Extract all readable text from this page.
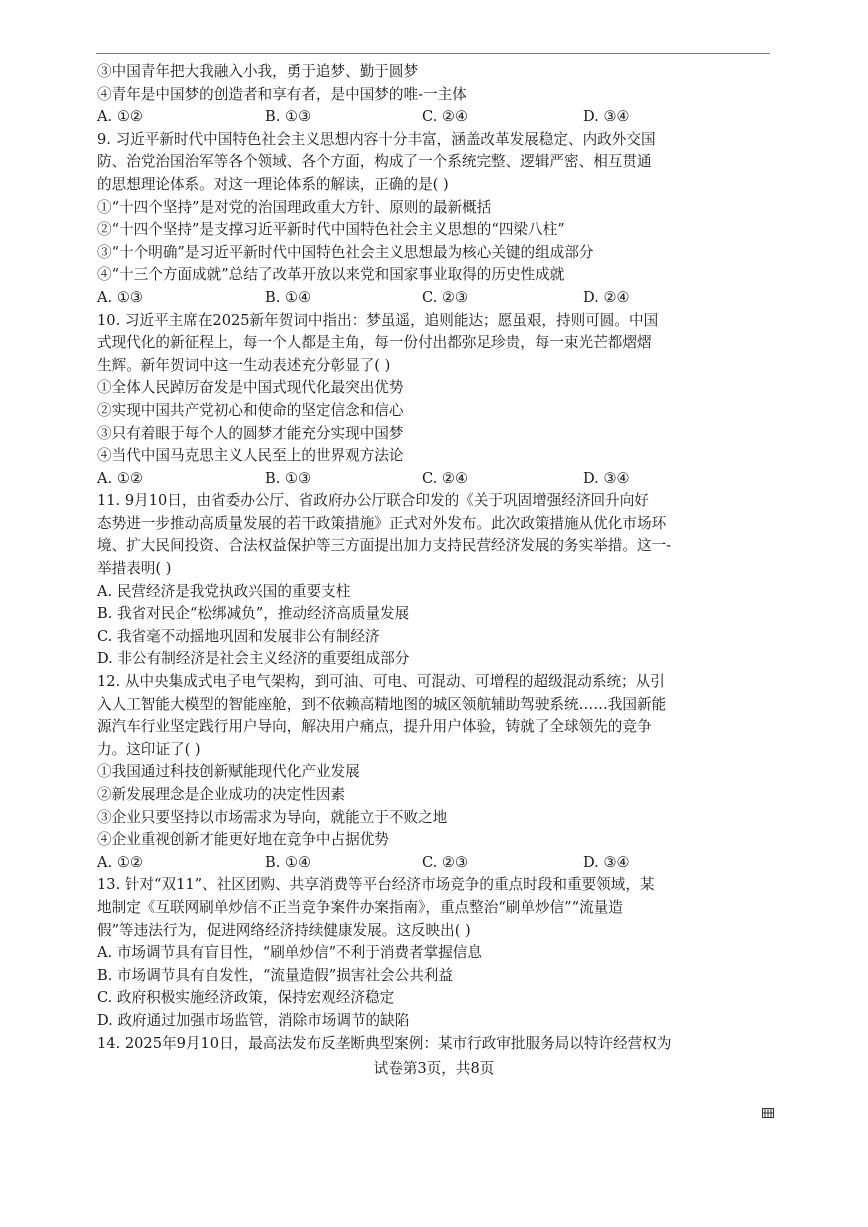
③中国青年把大我融入小我，勇于追梦、勤于圆梦
④青年是中国梦的创造者和享有者，是中国梦的唯-一主体
A. ①②	B. ①③	C. ②④	D. ③④
9. 习近平新时代中国特色社会主义思想内容十分丰富，涵盖改革发展稳定、内政外交国
防、治党治国治军等各个领域、各个方面，构成了一个系统完整、逻辑严密、相互贯通
的思想理论体系。对这一理论体系的解读，正确的是( )
①“十四个坚持”是对党的治国理政重大方针、原则的最新概括
②“十四个坚持”是支撑习近平新时代中国特色社会主义思想的“四梁八柱”
③“十个明确”是习近平新时代中国特色社会主义思想最为核心关键的组成部分
④“十三个方面成就”总结了改革开放以来党和国家事业取得的历史性成就
A. ①③	B. ①④	C. ②③	D. ②④
10. 习近平主席在2025新年贺词中指出：梦虽遥，追则能达；愿虽艰，持则可圆。中国
式现代化的新征程上，每一个人都是主角，每一份付出都弥足珍贵，每一束光芒都熠熠
生辉。新年贺词中这一生动表述充分彰显了( )
①全体人民踔厉奋发是中国式现代化最突出优势
②实现中国共产党初心和使命的坚定信念和信心
③只有着眼于每个人的圆梦才能充分实现中国梦
④当代中国马克思主义人民至上的世界观方法论
A. ①②	B. ①③	C. ②④	D. ③④
11. 9月10日，由省委办公厅、省政府办公厅联合印发的《关于巩固增强经济回升向好
态势进一步推动高质量发展的若干政策措施》正式对外发布。此次政策措施从优化市场环
境、扩大民间投资、合法权益保护等三方面提出加力支持民营经济发展的务实举措。这一-
举措表明( )
A. 民营经济是我党执政兴国的重要支柱
B. 我省对民企“松绑减负”，推动经济高质量发展
C. 我省毫不动摇地巩固和发展非公有制经济
D. 非公有制经济是社会主义经济的重要组成部分
12. 从中央集成式电子电气架构，到可油、可电、可混动、可增程的超级混动系统；从引
入人工智能大模型的智能座舱，到不依赖高精地图的城区领航辅助驾驶系统……我国新能
源汽车行业坚定践行用户导向，解决用户痛点，提升用户体验，铸就了全球领先的竞争
力。这印证了( )
①我国通过科技创新赋能现代化产业发展
②新发展理念是企业成功的决定性因素
③企业只要坚持以市场需求为导向，就能立于不败之地
④企业重视创新才能更好地在竞争中占据优势
A. ①②	B. ①④	C. ②③	D. ③④
13. 针对“双11”、社区团购、共享消费等平台经济市场竞争的重点时段和重要领域，某
地制定《互联网刷单炒信不正当竞争案件办案指南》，重点整治“刷单炒信”“流量造
假”等违法行为，促进网络经济持续健康发展。这反映出( )
A. 市场调节具有盲目性，“刷单炒信”不利于消费者掌握信息
B. 市场调节具有自发性，“流量造假”损害社会公共利益
C. 政府积极实施经济政策，保持宏观经济稳定
D. 政府通过加强市场监管，消除市场调节的缺陷
14. 2025年9月10日，最高法发布反垄断典型案例：某市行政审批服务局以特许经营权为
试卷第3页，共8页
